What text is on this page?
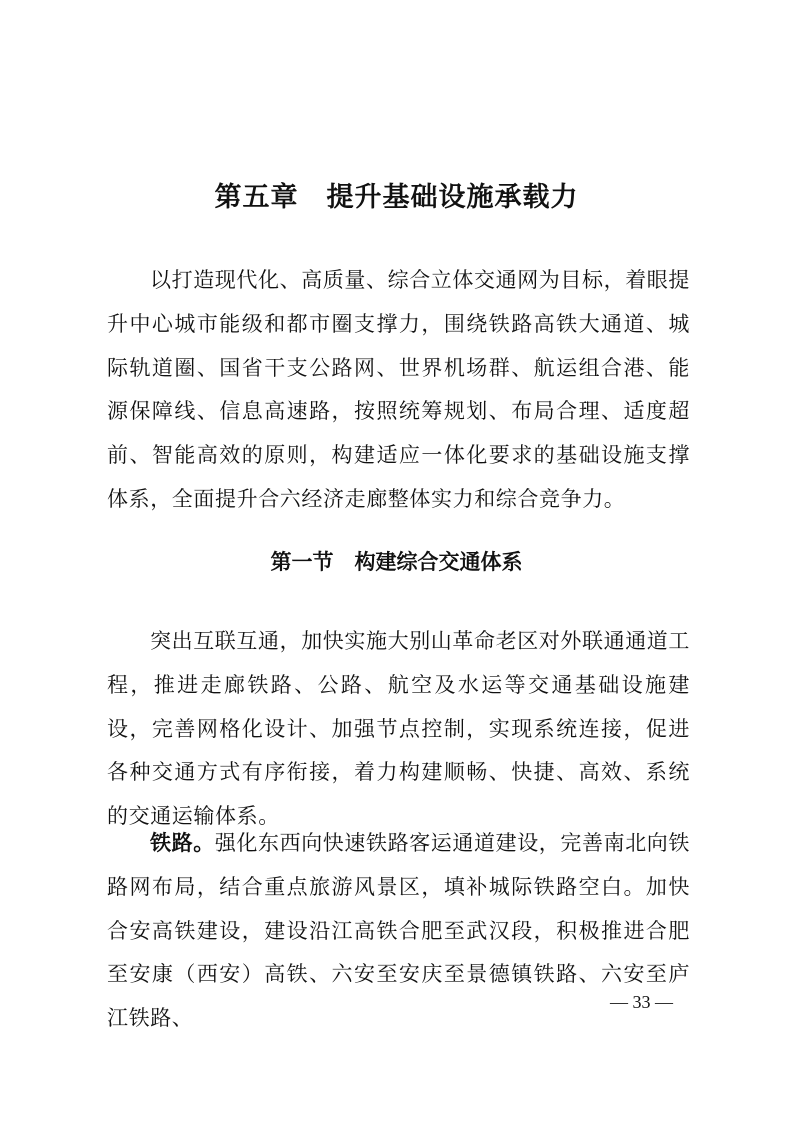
第五章　提升基础设施承载力

以打造现代化、高质量、综合立体交通网为目标，着眼提升中心城市能级和都市圈支撑力，围绕铁路高铁大通道、城际轨道圈、国省干支公路网、世界机场群、航运组合港、能源保障线、信息高速路，按照统筹规划、布局合理、适度超前、智能高效的原则，构建适应一体化要求的基础设施支撑体系，全面提升合六经济走廊整体实力和综合竞争力。

第一节　构建综合交通体系

突出互联互通，加快实施大别山革命老区对外联通通道工程，推进走廊铁路、公路、航空及水运等交通基础设施建设，完善网格化设计、加强节点控制，实现系统连接，促进各种交通方式有序衔接，着力构建顺畅、快捷、高效、系统的交通运输体系。

铁路。强化东西向快速铁路客运通道建设，完善南北向铁路网布局，结合重点旅游风景区，填补城际铁路空白。加快合安高铁建设，建设沿江高铁合肥至武汉段，积极推进合肥至安康（西安）高铁、六安至安庆至景德镇铁路、六安至庐江铁路、

— 33 —
